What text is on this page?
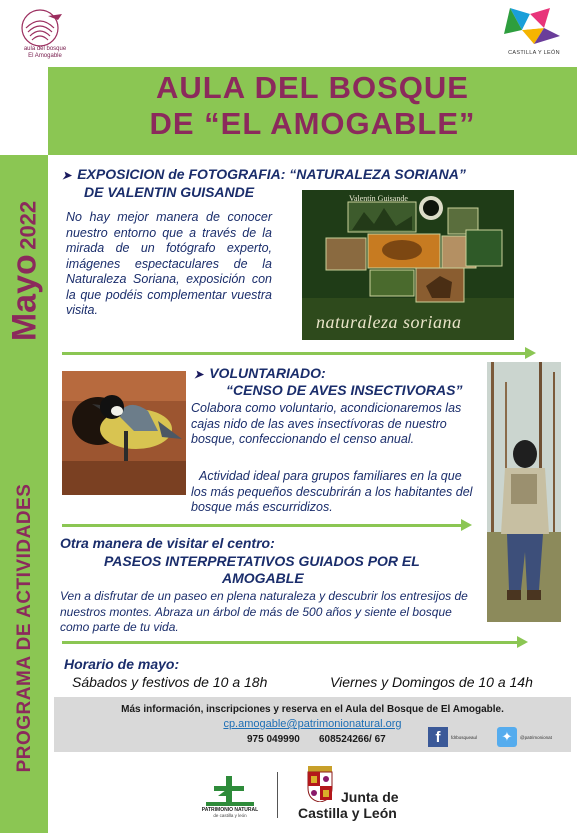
aula del bosque
El Amogable	CASTILLA Y LEÓN
AULA DEL BOSQUE
DE “EL AMOGABLE”
Mayo 2022
PROGRAMA DE ACTIVIDADES
➤ EXPOSICION de FOTOGRAFIA: “NATURALEZA SORIANA”
DE VALENTIN GUISANDE
No hay mejor manera de conocer nuestro entorno que a través de la mirada de un fotógrafo experto, imágenes espectaculares de la Naturaleza Soriana, exposición con la que podéis complementar vuestra visita.
Valentín Guisande
naturaleza soriana
➤ VOLUNTARIADO:
“CENSO DE AVES INSECTIVORAS”
Colabora como voluntario, acondicionaremos las cajas nido de las aves insectívoras de nuestro bosque, confeccionando el censo anual.
Actividad ideal para grupos familiares en la que los más pequeños descubrirán a los habitantes del bosque más escurridizos.
Otra manera de visitar el centro:
PASEOS INTERPRETATIVOS GUIADOS POR EL
AMOGABLE
Ven a disfrutar de un paseo en plena naturaleza y descubrir los entresijos de nuestros montes. Abraza un árbol de más de 500 años y siente el bosque como parte de tu vida.
Horario de mayo:
Sábados y festivos de 10 a 18h	Viernes y Domingos de 10 a 14h
Más información, inscripciones y reserva en el Aula del Bosque de El Amogable.
cp.amogable@patrimonionatural.org
975 049990 608524266/ 67	f	fdrbosqueaul	✦	@patrimonionat
PATRIMONIO NATURAL
de castilla y león
Junta de
Castilla y León
